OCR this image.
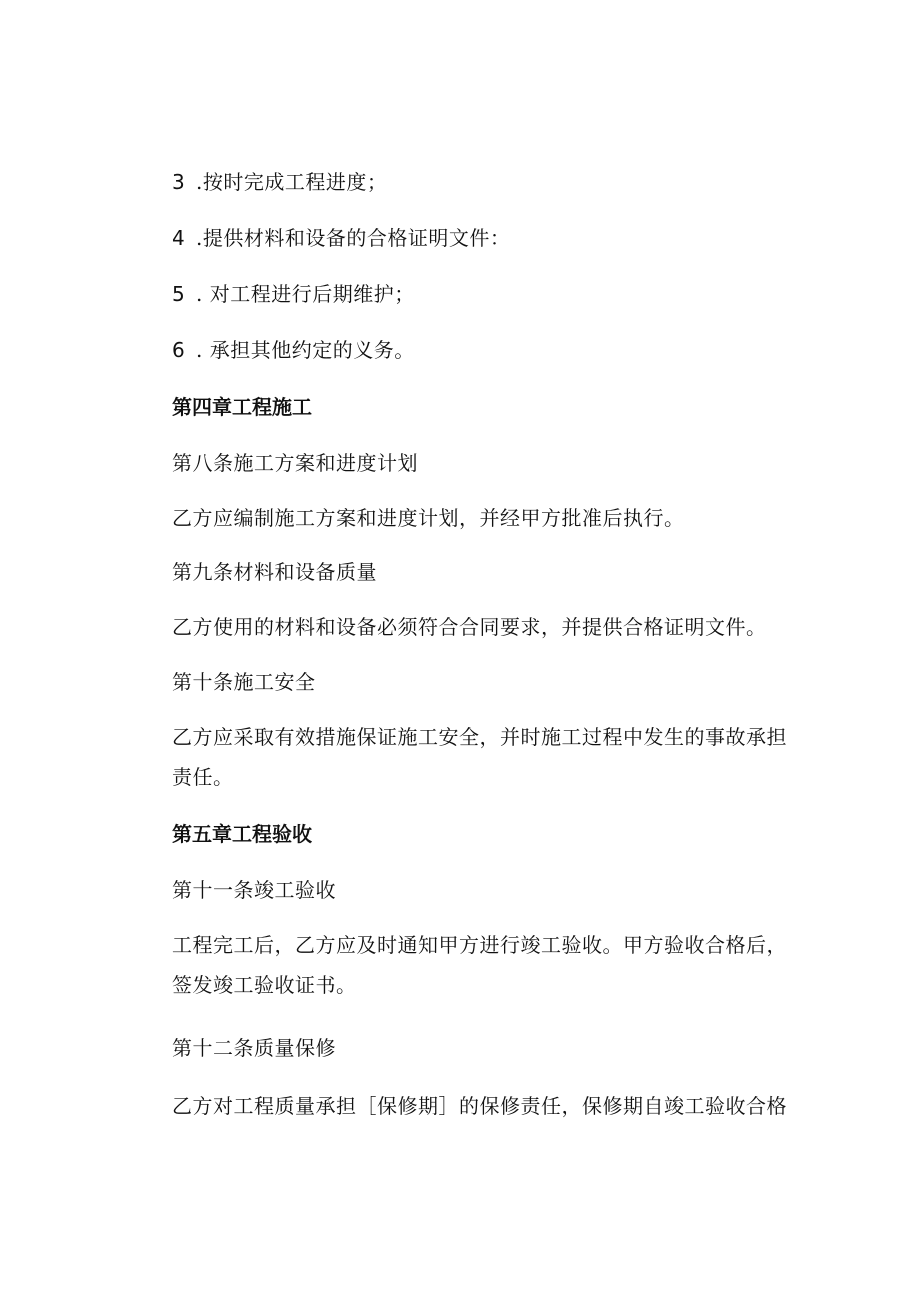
3 .按时完成工程进度；
4 .提供材料和设备的合格证明文件：
5 . 对工程进行后期维护；
6 . 承担其他约定的义务。
第四章工程施工
第八条施工方案和进度计划
乙方应编制施工方案和进度计划，并经甲方批准后执行。
第九条材料和设备质量
乙方使用的材料和设备必须符合合同要求，并提供合格证明文件。
第十条施工安全
乙方应采取有效措施保证施工安全，并时施工过程中发生的事故承担
责任。
第五章工程验收
第十一条竣工验收
工程完工后，乙方应及时通知甲方进行竣工验收。甲方验收合格后，
签发竣工验收证书。
第十二条质量保修
乙方对工程质量承担［保修期］的保修责任，保修期自竣工验收合格
